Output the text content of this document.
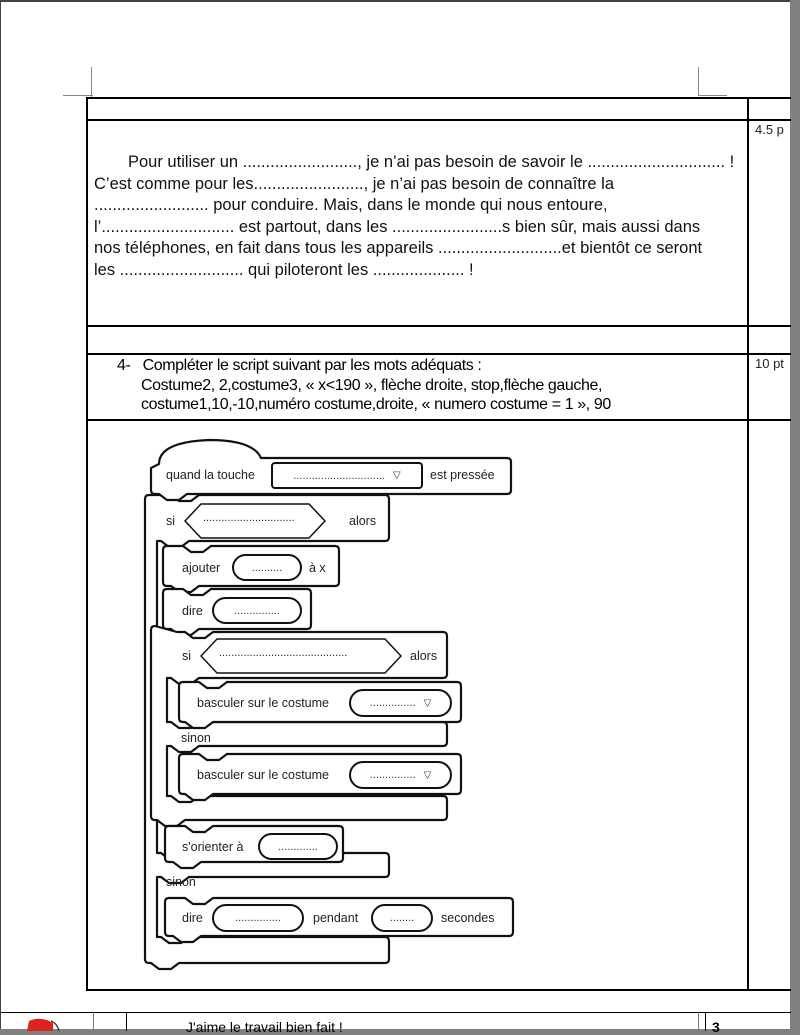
4.5 p
Pour utiliser un ........................., je n’ai pas besoin de savoir le .............................. !
C’est comme pour les........................, je n’ai pas besoin de connaître la
......................... pour conduire. Mais, dans le monde qui nous entoure,
l’............................. est partout, dans les ........................s bien sûr, mais aussi dans
nos téléphones, en fait dans tous les appareils ...........................et bientôt ce seront
les ........................... qui piloteront les .................... !
10 pt
4- Compléter le script suivant par les mots adéquats :
Costume2, 2,costume3, « x<190 », flèche droite, stop,flèche gauche,
costume1,10,-10,numéro costume,droite, « numero costume = 1 », 90
quand la touche	.............................. ▽ est pressée
si	..............................	alors
ajouter	.......... à x
dire	...............
si	..........................................	alors
basculer sur le costume	............... ▽
sinon
basculer sur le costume	............... ▽
s'orienter à	.............
sinon
dire	...............	pendant	........ secondes
J'aime le travail bien fait !	3
